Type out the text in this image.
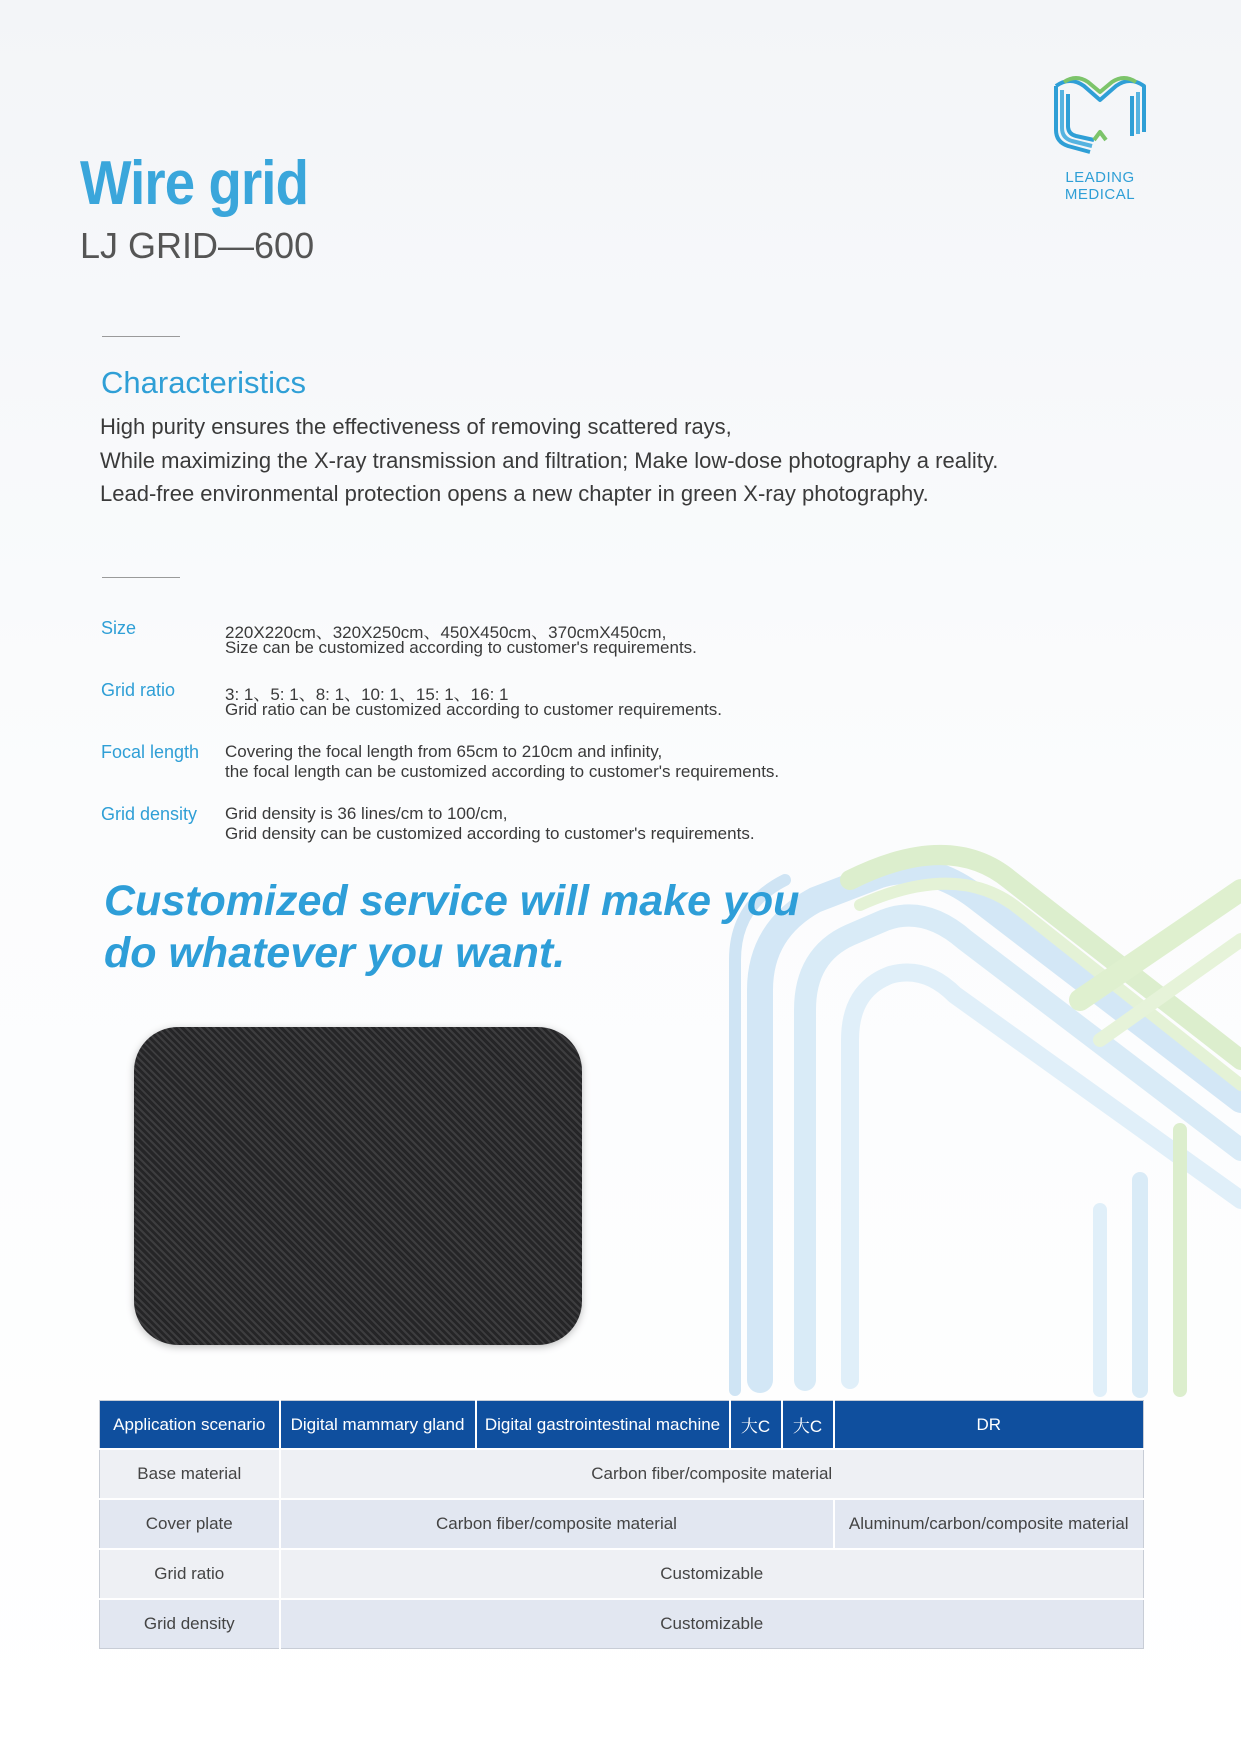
LEADING MEDICAL
Wire grid
LJ GRID—600
Characteristics
High purity ensures the effectiveness of removing scattered rays,
While maximizing the X-ray transmission and filtration; Make low-dose photography a reality.
Lead-free environmental protection opens a new chapter in green X-ray photography.
Size	220X220cm、320X250cm、450X450cm、370cmX450cm,
Size can be customized according to customer's requirements.
Grid ratio	3: 1、5: 1、8: 1、10: 1、15: 1、16: 1
Grid ratio can be customized according to customer requirements.
Focal length Covering the focal length from 65cm to 210cm and infinity,
the focal length can be customized according to customer's requirements.
Grid density Grid density is 36 lines/cm to 100/cm,
Grid density can be customized according to customer's requirements.
Customized service will make you
do whatever you want.
Application scenario	Digital mammary gland	Digital gastrointestinal machine	大C	大C	DR
Base material	Carbon fiber/composite material				
Cover plate	Carbon fiber/composite material				Aluminum/carbon/composite material
Grid ratio	Customizable				
Grid density	Customizable				
